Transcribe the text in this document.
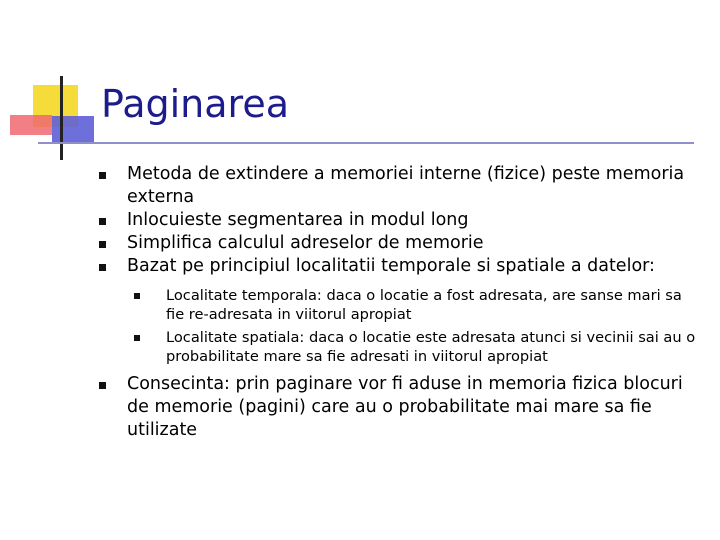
Paginarea
Metoda de extindere a memoriei interne (fizice) peste memoria externa
Inlocuieste segmentarea in modul long
Simplifica calculul adreselor de memorie
Bazat pe principiul localitatii temporale si spatiale a datelor:
Localitate temporala: daca o locatie a fost adresata, are sanse mari sa fie re-adresata in viitorul apropiat
Localitate spatiala: daca o locatie este adresata atunci si vecinii sai au o probabilitate mare sa fie adresati in viitorul apropiat
Consecinta: prin paginare vor fi aduse in memoria fizica blocuri de memorie (pagini) care au o probabilitate mai mare sa fie utilizate
